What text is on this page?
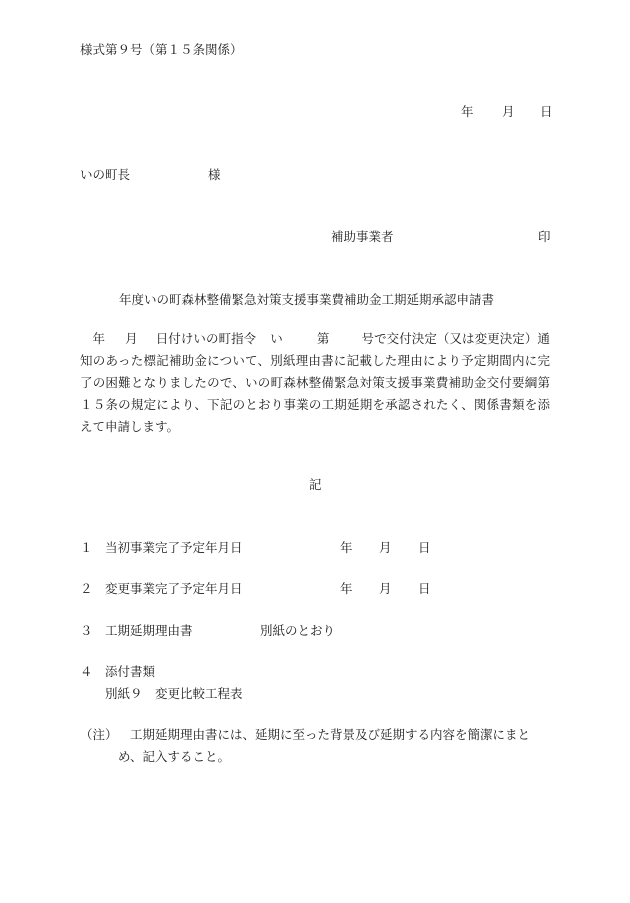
様式第９号（第１５条関係）
年 月 日
いの町長	様
補助事業者	印
年度いの町森林整備緊急対策支援事業費補助金工期延期承認申請書
年 月 日付けいの町指令 い	第	号で交付決定（又は変更決定）通知のあった標記補助金について、別紙理由書に記載した理由により予定期間内に完了の困難となりましたので、いの町森林整備緊急対策支援事業費補助金交付要綱第１５条の規定により、下記のとおり事業の工期延期を承認されたく、関係書類を添えて申請します。
記
１ 当初事業完了予定年月日	年 月 日
２ 変更事業完了予定年月日	年 月 日
３ 工期延期理由書	別紙のとおり
４ 添付書類
別紙９　変更比較工程表
（注） 工期延期理由書には、延期に至った背景及び延期する内容を簡潔にまと
め、記入すること。
